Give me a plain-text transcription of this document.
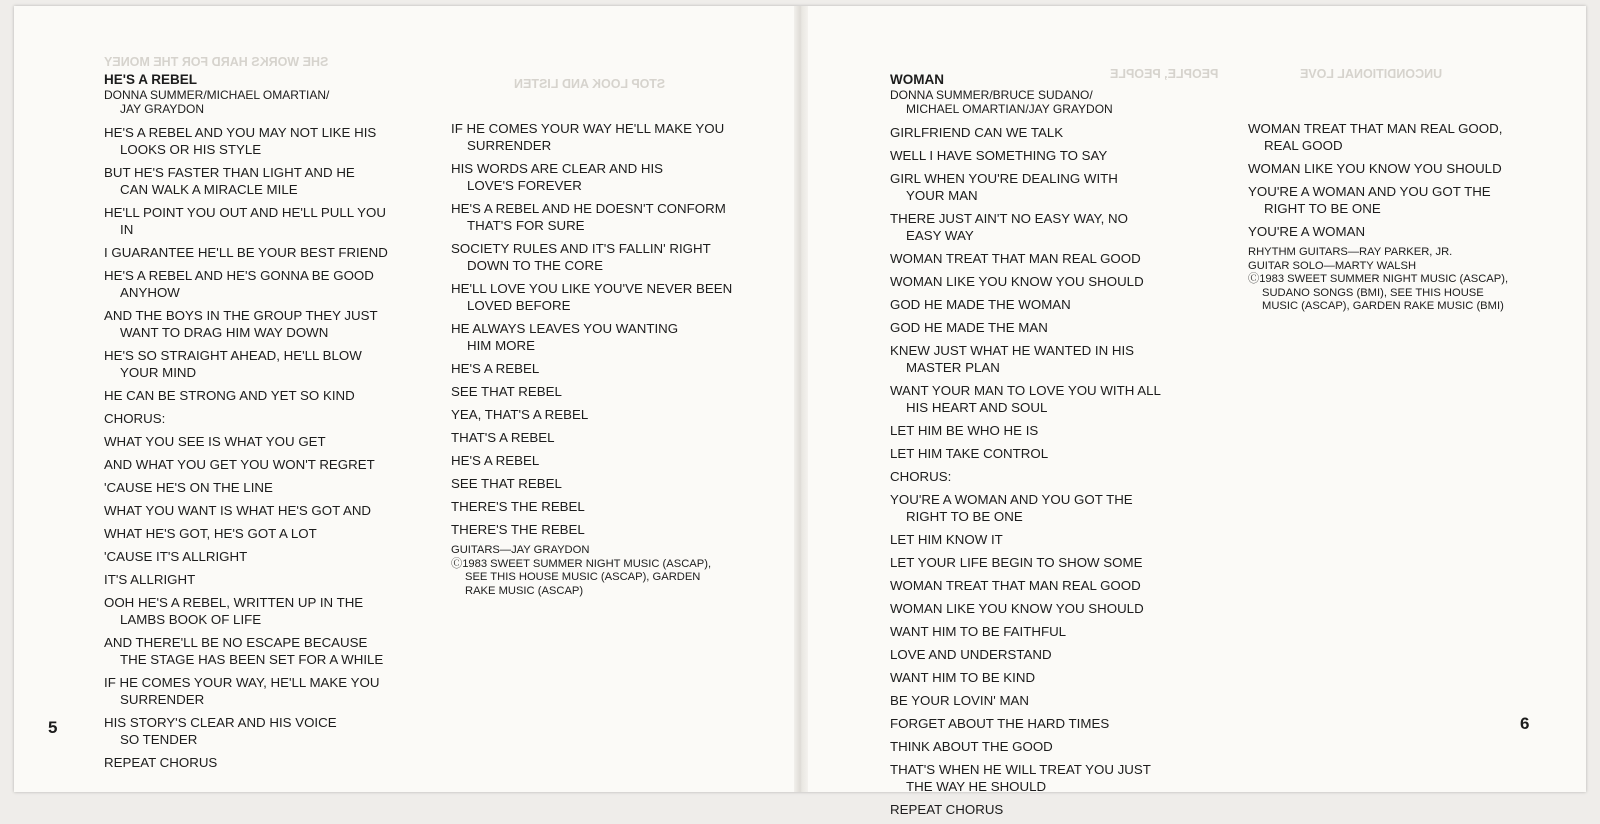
SHE WORKS HARD FOR THE MONEY
STOP LOOK AND LISTEN
HE'S A REBEL
DONNA SUMMER/MICHAEL OMARTIAN/
JAY GRAYDON

HE'S A REBEL AND YOU MAY NOT LIKE HIS
LOOKS OR HIS STYLE

BUT HE'S FASTER THAN LIGHT AND HE
CAN WALK A MIRACLE MILE

HE'LL POINT YOU OUT AND HE'LL PULL YOU
IN

I GUARANTEE HE'LL BE YOUR BEST FRIEND

HE'S A REBEL AND HE'S GONNA BE GOOD
ANYHOW

AND THE BOYS IN THE GROUP THEY JUST
WANT TO DRAG HIM WAY DOWN

HE'S SO STRAIGHT AHEAD, HE'LL BLOW
YOUR MIND

HE CAN BE STRONG AND YET SO KIND

CHORUS:

WHAT YOU SEE IS WHAT YOU GET

AND WHAT YOU GET YOU WON'T REGRET

'CAUSE HE'S ON THE LINE

WHAT YOU WANT IS WHAT HE'S GOT AND

WHAT HE'S GOT, HE'S GOT A LOT

'CAUSE IT'S ALLRIGHT

IT'S ALLRIGHT

OOH HE'S A REBEL, WRITTEN UP IN THE
LAMBS BOOK OF LIFE

AND THERE'LL BE NO ESCAPE BECAUSE
THE STAGE HAS BEEN SET FOR A WHILE

IF HE COMES YOUR WAY, HE'LL MAKE YOU
SURRENDER

HIS STORY'S CLEAR AND HIS VOICE
SO TENDER

REPEAT CHORUS

IF HE COMES YOUR WAY HE'LL MAKE YOU
SURRENDER

HIS WORDS ARE CLEAR AND HIS
LOVE'S FOREVER

HE'S A REBEL AND HE DOESN'T CONFORM
THAT'S FOR SURE

SOCIETY RULES AND IT'S FALLIN' RIGHT
DOWN TO THE CORE

HE'LL LOVE YOU LIKE YOU'VE NEVER BEEN
LOVED BEFORE

HE ALWAYS LEAVES YOU WANTING
HIM MORE

HE'S A REBEL

SEE THAT REBEL

YEA, THAT'S A REBEL

THAT'S A REBEL

HE'S A REBEL

SEE THAT REBEL

THERE'S THE REBEL

THERE'S THE REBEL

GUITARS—JAY GRAYDON
Ⓒ1983 SWEET SUMMER NIGHT MUSIC (ASCAP),
SEE THIS HOUSE MUSIC (ASCAP), GARDEN
RAKE MUSIC (ASCAP)
5
UNCONDITIONAL LOVE
PEOPLE, PEOPLE
WOMAN
DONNA SUMMER/BRUCE SUDANO/
MICHAEL OMARTIAN/JAY GRAYDON

GIRLFRIEND CAN WE TALK

WELL I HAVE SOMETHING TO SAY

GIRL WHEN YOU'RE DEALING WITH
YOUR MAN

THERE JUST AIN'T NO EASY WAY, NO
EASY WAY

WOMAN TREAT THAT MAN REAL GOOD

WOMAN LIKE YOU KNOW YOU SHOULD

GOD HE MADE THE WOMAN

GOD HE MADE THE MAN

KNEW JUST WHAT HE WANTED IN HIS
MASTER PLAN

WANT YOUR MAN TO LOVE YOU WITH ALL
HIS HEART AND SOUL

LET HIM BE WHO HE IS

LET HIM TAKE CONTROL

CHORUS:

YOU'RE A WOMAN AND YOU GOT THE
RIGHT TO BE ONE

LET HIM KNOW IT

LET YOUR LIFE BEGIN TO SHOW SOME

WOMAN TREAT THAT MAN REAL GOOD

WOMAN LIKE YOU KNOW YOU SHOULD

WANT HIM TO BE FAITHFUL

LOVE AND UNDERSTAND

WANT HIM TO BE KIND

BE YOUR LOVIN' MAN

FORGET ABOUT THE HARD TIMES

THINK ABOUT THE GOOD

THAT'S WHEN HE WILL TREAT YOU JUST
THE WAY HE SHOULD

REPEAT CHORUS

WOMAN TREAT THAT MAN REAL GOOD,
REAL GOOD

WOMAN LIKE YOU KNOW YOU SHOULD

YOU'RE A WOMAN AND YOU GOT THE
RIGHT TO BE ONE

YOU'RE A WOMAN

RHYTHM GUITARS—RAY PARKER, JR.
GUITAR SOLO—MARTY WALSH
Ⓒ1983 SWEET SUMMER NIGHT MUSIC (ASCAP),
SUDANO SONGS (BMI), SEE THIS HOUSE
MUSIC (ASCAP), GARDEN RAKE MUSIC (BMI)
6
